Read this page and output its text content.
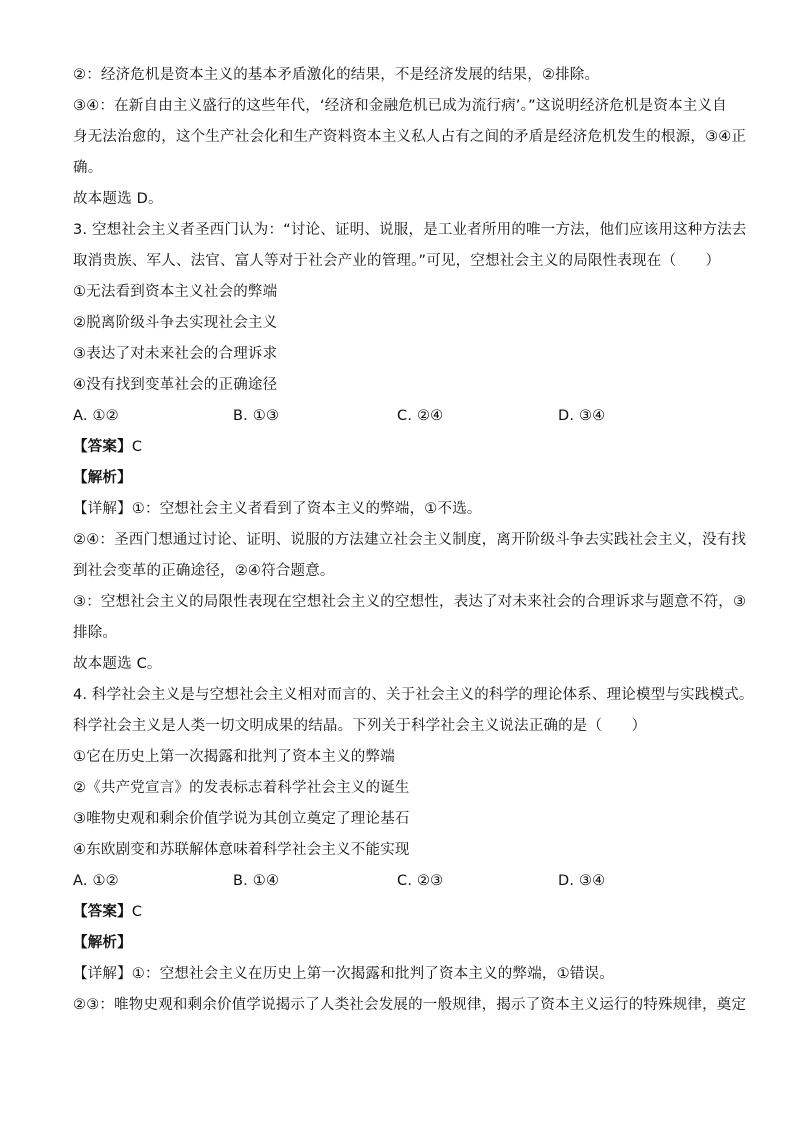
②：经济危机是资本主义的基本矛盾激化的结果，不是经济发展的结果，②排除。
③④：在新自由主义盛行的这些年代，‘经济和金融危机已成为流行病’。”这说明经济危机是资本主义自
身无法治愈的，这个生产社会化和生产资料资本主义私人占有之间的矛盾是经济危机发生的根源，③④正
确。
故本题选 D。
3. 空想社会主义者圣西门认为：“讨论、证明、说服，是工业者所用的唯一方法，他们应该用这种方法去
取消贵族、军人、法官、富人等对于社会产业的管理。”可见，空想社会主义的局限性表现在（　　）
①无法看到资本主义社会的弊端
②脱离阶级斗争去实现社会主义
③表达了对未来社会的合理诉求
④没有找到变革社会的正确途径
A. ①②	B. ①③	C. ②④	D. ③④
【答案】C
【解析】
【详解】①：空想社会主义者看到了资本主义的弊端，①不选。
②④：圣西门想通过讨论、证明、说服的方法建立社会主义制度，离开阶级斗争去实践社会主义，没有找
到社会变革的正确途径，②④符合题意。
③：空想社会主义的局限性表现在空想社会主义的空想性，表达了对未来社会的合理诉求与题意不符，③
排除。
故本题选 C。
4. 科学社会主义是与空想社会主义相对而言的、关于社会主义的科学的理论体系、理论模型与实践模式。
科学社会主义是人类一切文明成果的结晶。下列关于科学社会主义说法正确的是（　　）
①它在历史上第一次揭露和批判了资本主义的弊端
②《共产党宣言》的发表标志着科学社会主义的诞生
③唯物史观和剩余价值学说为其创立奠定了理论基石
④东欧剧变和苏联解体意味着科学社会主义不能实现
A. ①②	B. ①④	C. ②③	D. ③④
【答案】C
【解析】
【详解】①：空想社会主义在历史上第一次揭露和批判了资本主义的弊端，①错误。
②③：唯物史观和剩余价值学说揭示了人类社会发展的一般规律，揭示了资本主义运行的特殊规律，奠定
